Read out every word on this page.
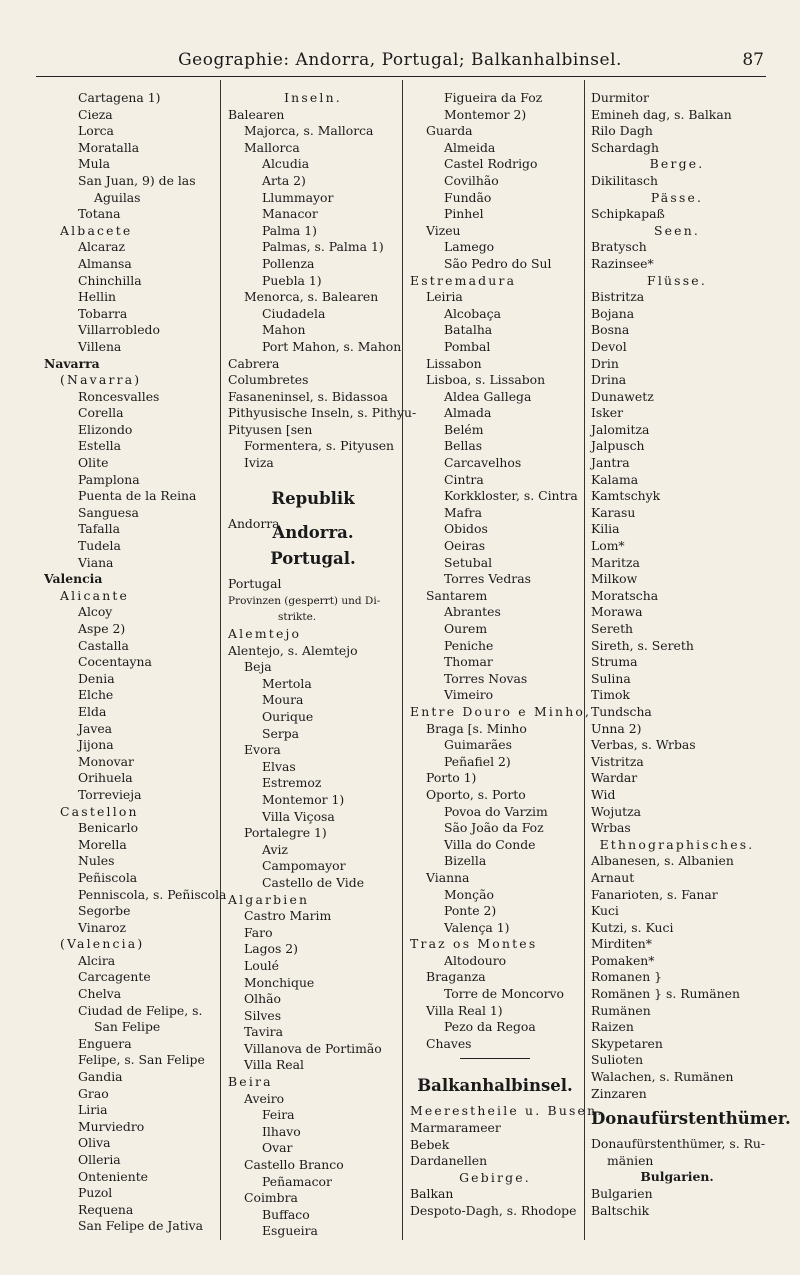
Geographie: Andorra, Portugal; Balkanhalbinsel.	87
Cartagena 1)
Cieza
Lorca
Moratalla
Mula
San Juan, 9) de las
Aguilas
Totana
Albacete
Alcaraz
Almansa
Chinchilla
Hellin
Tobarra
Villarrobledo
Villena
Navarra
(Navarra)
Roncesvalles
Corella
Elizondo
Estella
Olite
Pamplona
Puenta de la Reina
Sanguesa
Tafalla
Tudela
Viana
Valencia
Alicante
Alcoy
Aspe 2)
Castalla
Cocentayna
Denia
Elche
Elda
Javea
Jijona
Monovar
Orihuela
Torrevieja
Castellon
Benicarlo
Morella
Nules
Peñiscola
Penniscola, s. Peñiscola
Segorbe
Vinaroz
(Valencia)
Alcira
Carcagente
Chelva
Ciudad de Felipe, s.
San Felipe
Enguera
Felipe, s. San Felipe
Gandia
Grao
Liria
Murviedro
Oliva
Olleria
Onteniente
Puzol
Requena
San Felipe de Jativa
Inseln.
Balearen
Majorca, s. Mallorca
Mallorca
Alcudia
Arta 2)
Llummayor
Manacor
Palma 1)
Palmas, s. Palma 1)
Pollenza
Puebla 1)
Menorca, s. Balearen
Ciudadela
Mahon
Port Mahon, s. Mahon
Cabrera
Columbretes
Fasaneninsel, s. Bidassoa
Pithyusische Inseln, s. Pithyu-
Pityusen [sen
Formentera, s. Pityusen
Iviza
Republik Andorra.
Andorra
Portugal.
Portugal
Provinzen (gesperrt) und Di-
strikte.
Alemtejo
Alentejo, s. Alemtejo
Beja
Mertola
Moura
Ourique
Serpa
Evora
Elvas
Estremoz
Montemor 1)
Villa Viçosa
Portalegre 1)
Aviz
Campomayor
Castello de Vide
Algarbien
Castro Marim
Faro
Lagos 2)
Loulé
Monchique
Olhão
Silves
Tavira
Villanova de Portimão
Villa Real
Beira
Aveiro
Feira
Ilhavo
Ovar
Castello Branco
Peñamacor
Coimbra
Buffaco
Esgueira
Figueira da Foz
Montemor 2)
Guarda
Almeida
Castel Rodrigo
Covilhão
Fundão
Pinhel
Vizeu
Lamego
São Pedro do Sul
Estremadura
Leiria
Alcobaça
Batalha
Pombal
Lissabon
Lisboa, s. Lissabon
Aldea Gallega
Almada
Belém
Bellas
Carcavelhos
Cintra
Korkkloster, s. Cintra
Mafra
Obidos
Oeiras
Setubal
Torres Vedras
Santarem
Abrantes
Ourem
Peniche
Thomar
Torres Novas
Vimeiro
Entre Douro e Minho,
Braga [s. Minho
Guimarães
Peñafiel 2)
Porto 1)
Oporto, s. Porto
Povoa do Varzim
São João da Foz
Villa do Conde
Bizella
Vianna
Monção
Ponte 2)
Valença 1)
Traz os Montes
Altodouro
Braganza
Torre de Moncorvo
Villa Real 1)
Pezo da Regoa
Chaves
Balkanhalbinsel.
Meerestheile u. Busen.
Marmarameer
Bebek
Dardanellen
Gebirge.
Balkan
Despoto-Dagh, s. Rhodope
Durmitor
Emineh dag, s. Balkan
Rilo Dagh
Schardagh
Berge.
Dikilitasch
Pässe.
Schipkapaß
Seen.
Bratysch
Razinsee*
Flüsse.
Bistritza
Bojana
Bosna
Devol
Drin
Drina
Dunawetz
Isker
Jalomitza
Jalpusch
Jantra
Kalama
Kamtschyk
Karasu
Kilia
Lom*
Maritza
Milkow
Moratscha
Morawa
Sereth
Sireth, s. Sereth
Struma
Sulina
Timok
Tundscha
Unna 2)
Verbas, s. Wrbas
Vistritza
Wardar
Wid
Wojutza
Wrbas
Ethnographisches.
Albanesen, s. Albanien
Arnaut
Fanarioten, s. Fanar
Kuci
Kutzi, s. Kuci
Mirditen*
Pomaken*
Romanen }
Romänen } s. Rumänen
Rumänen
Raizen
Skypetaren
Sulioten
Walachen, s. Rumänen
Zinzaren
Donaufürstenthümer.
Donaufürstenthümer, s. Ru-
mänien
Bulgarien.
Bulgarien
Baltschik
